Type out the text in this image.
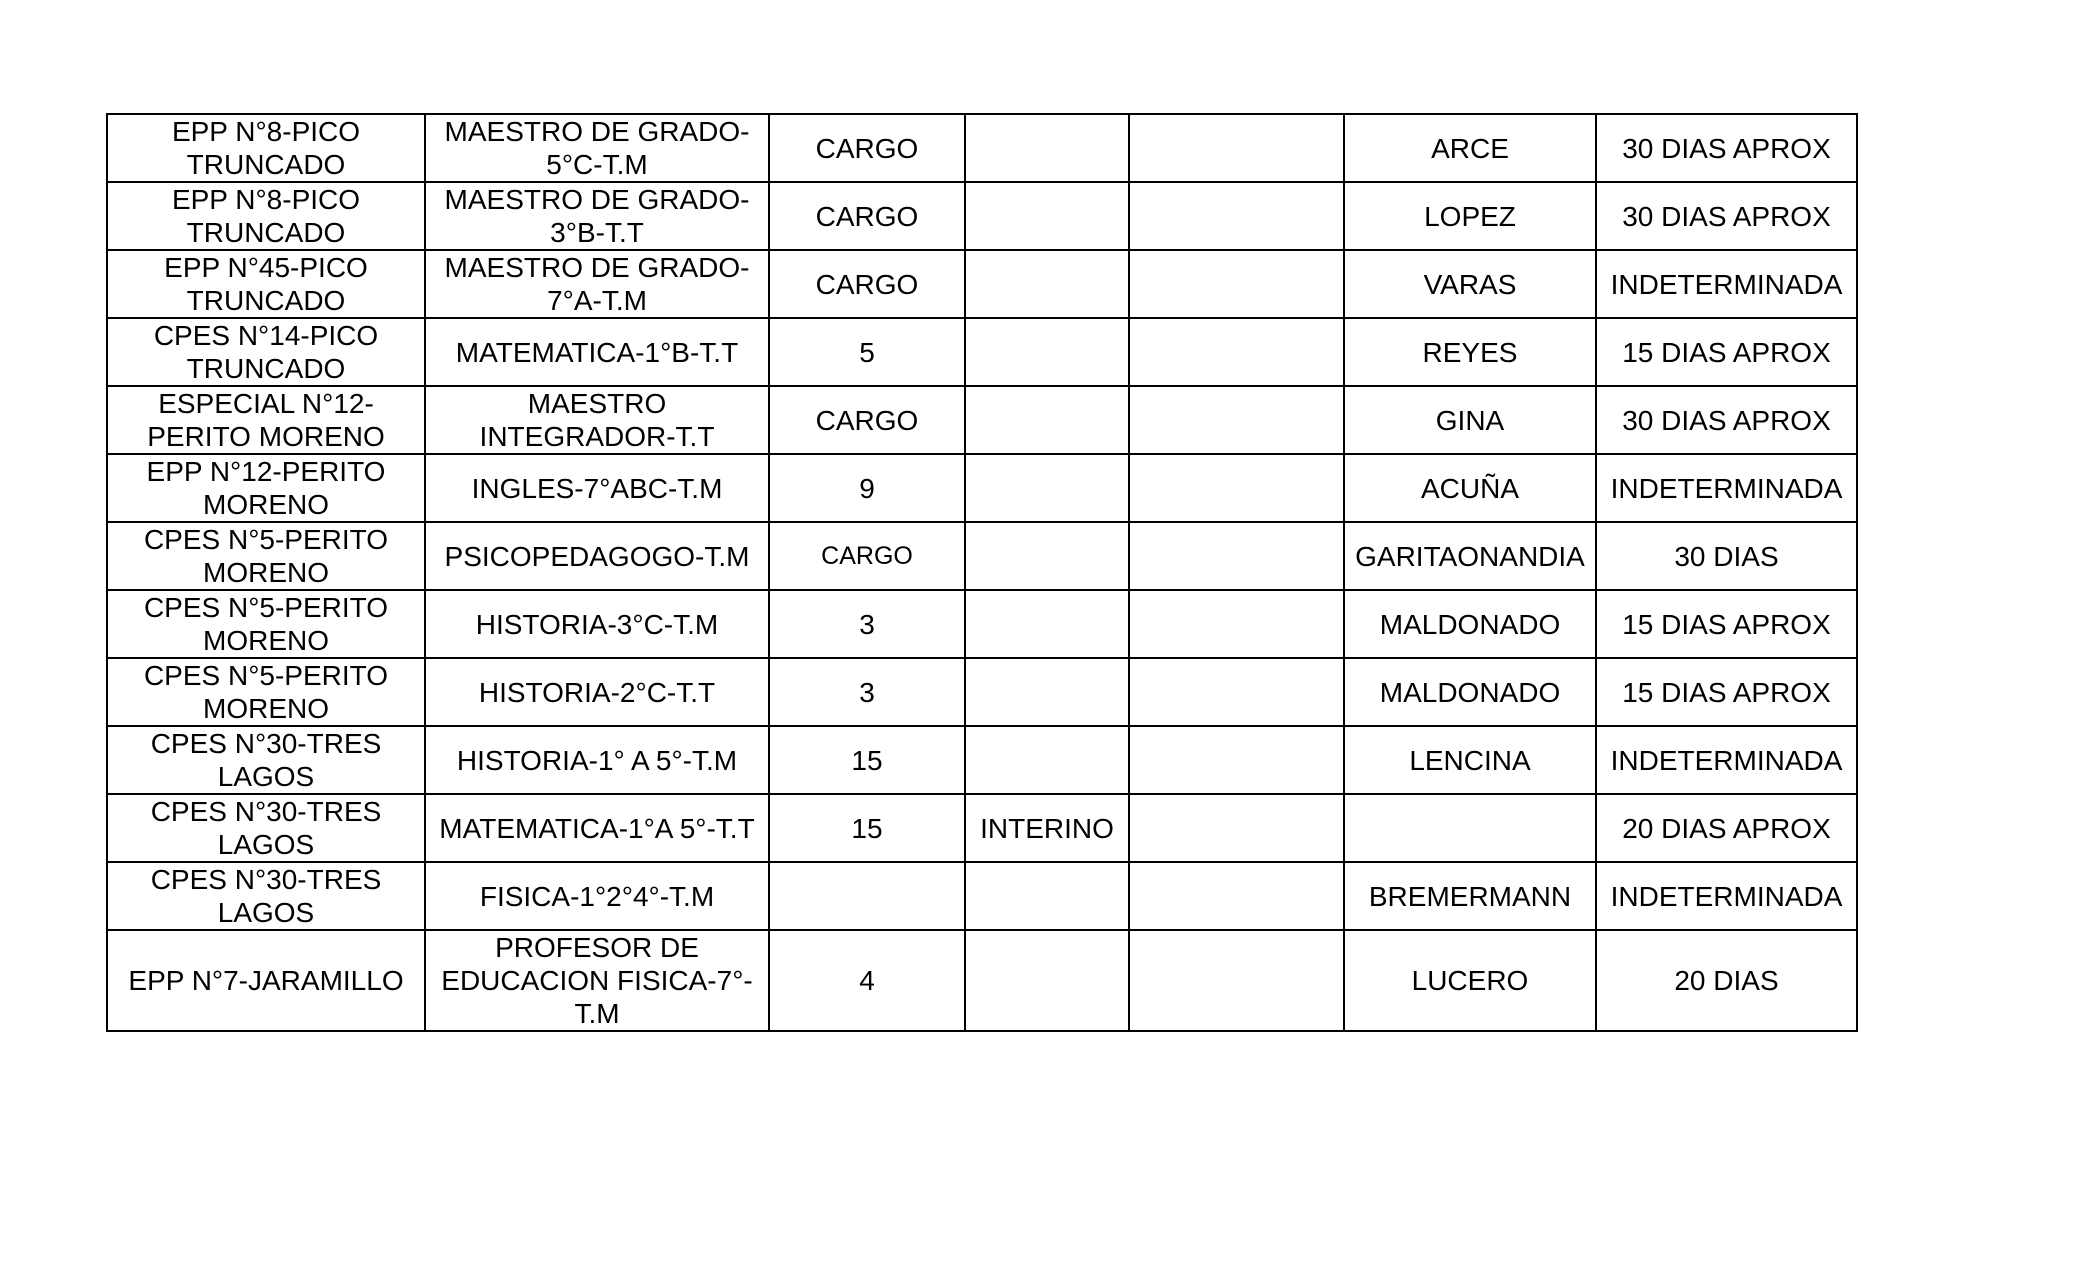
EPP N°8-PICO TRUNCADO	MAESTRO DE GRADO-5°C-T.M	CARGO			ARCE	30 DIAS APROX
EPP N°8-PICO TRUNCADO	MAESTRO DE GRADO-3°B-T.T	CARGO			LOPEZ	30 DIAS APROX
EPP N°45-PICO TRUNCADO	MAESTRO DE GRADO-7°A-T.M	CARGO			VARAS	INDETERMINADA
CPES N°14-PICO TRUNCADO	MATEMATICA-1°B-T.T	5			REYES	15 DIAS APROX
ESPECIAL N°12-PERITO MORENO	MAESTRO INTEGRADOR-T.T	CARGO			GINA	30 DIAS APROX
EPP N°12-PERITO MORENO	INGLES-7°ABC-T.M	9			ACUÑA	INDETERMINADA
CPES N°5-PERITO MORENO	PSICOPEDAGOGO-T.M	CARGO			GARITAONANDIA	30 DIAS
CPES N°5-PERITO MORENO	HISTORIA-3°C-T.M	3			MALDONADO	15 DIAS APROX
CPES N°5-PERITO MORENO	HISTORIA-2°C-T.T	3			MALDONADO	15 DIAS APROX
CPES N°30-TRES LAGOS	HISTORIA-1° A 5°-T.M	15			LENCINA	INDETERMINADA
CPES N°30-TRES LAGOS	MATEMATICA-1°A 5°-T.T	15	INTERINO			20 DIAS APROX
CPES N°30-TRES LAGOS	FISICA-1°2°4°-T.M				BREMERMANN	INDETERMINADA
EPP N°7-JARAMILLO	PROFESOR DE EDUCACION FISICA-7°-T.M	4			LUCERO	20 DIAS
